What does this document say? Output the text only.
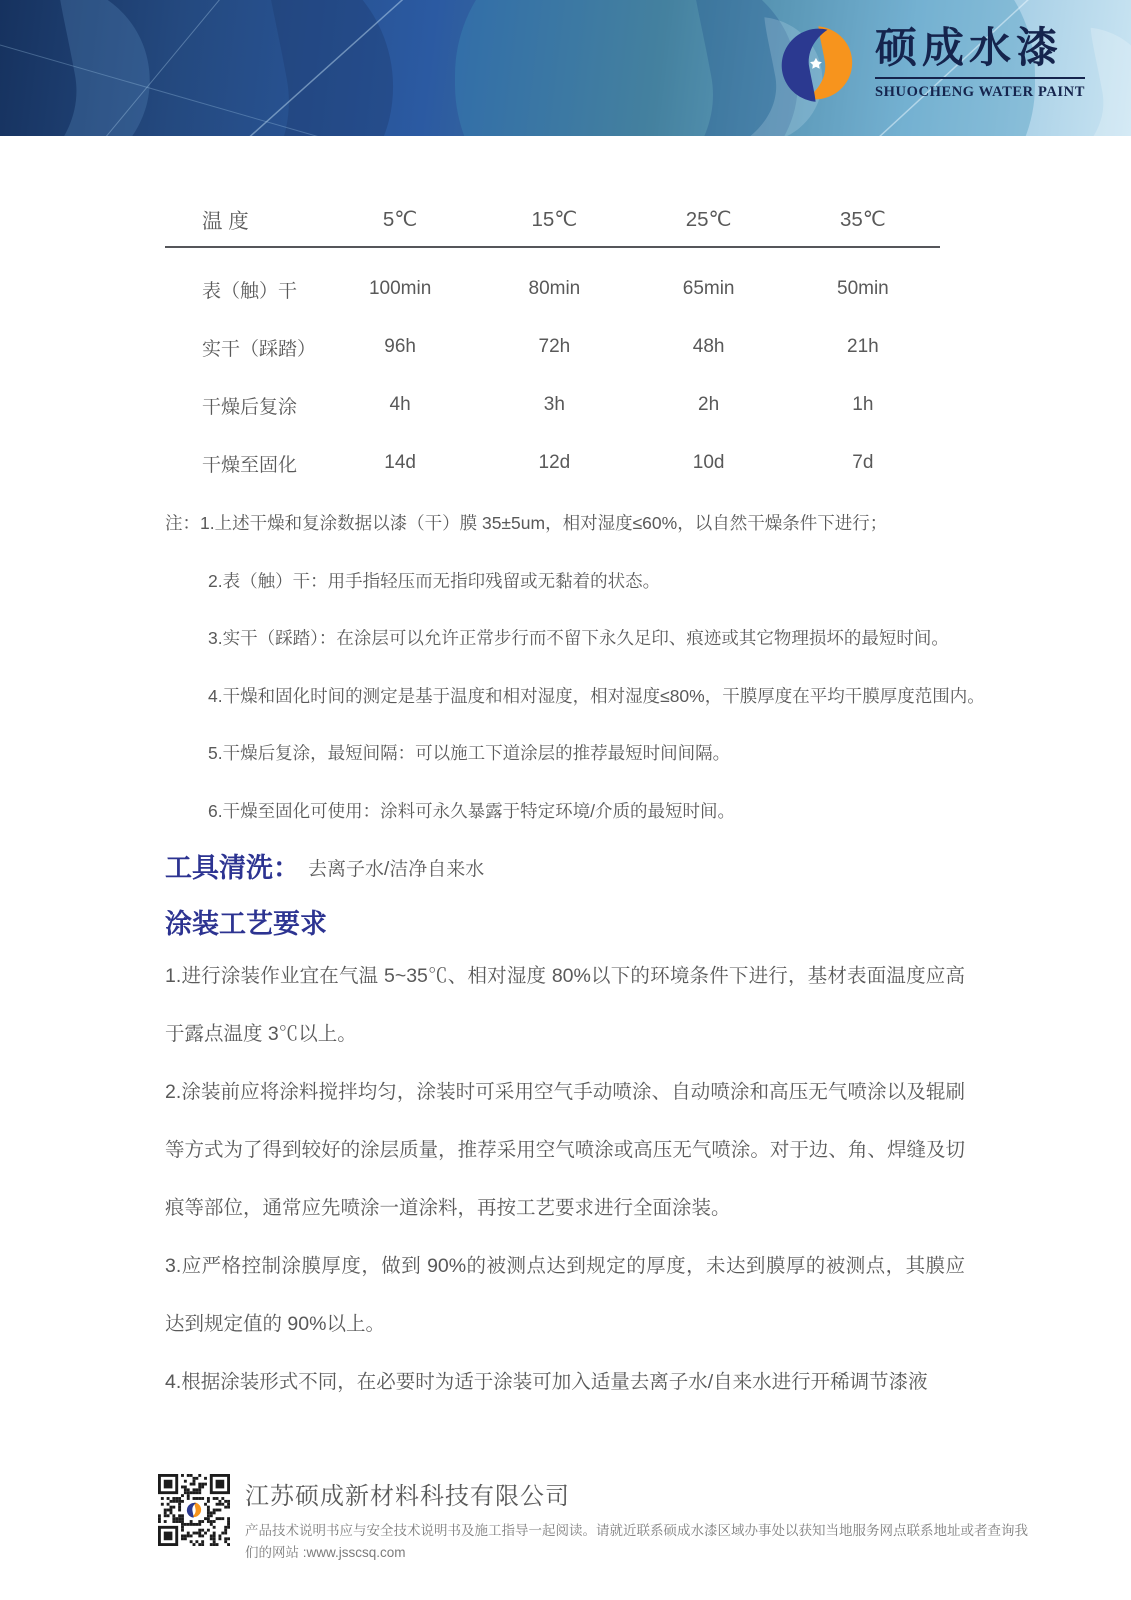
硕成水漆
SHUOCHENG WATER PAINT
温 度	5℃	15℃	25℃	35℃
表（触）干	100min	80min	65min	50min
实干（踩踏）	96h	72h	48h	21h
干燥后复涂	4h	3h	2h	1h
干燥至固化	14d	12d	10d	7d
注： 1.上述干燥和复涂数据以漆（干）膜 35±5um，相对湿度≤60%，以自然干燥条件下进行；
2.表（触）干：用手指轻压而无指印残留或无黏着的状态。
3.实干（踩踏）：在涂层可以允许正常步行而不留下永久足印、痕迹或其它物理损坏的最短时间。
4.干燥和固化时间的测定是基于温度和相对湿度，相对湿度≤80%，干膜厚度在平均干膜厚度范围内。
5.干燥后复涂，最短间隔：可以施工下道涂层的推荐最短时间间隔。
6.干燥至固化可使用：涂料可永久暴露于特定环境/介质的最短时间。
工具清洗： 去离子水/洁净自来水
涂装工艺要求

1.进行涂装作业宜在气温 5~35℃、相对湿度 80%以下的环境条件下进行，基材表面温度应高于露点温度 3℃以上。

2.涂装前应将涂料搅拌均匀，涂装时可采用空气手动喷涂、自动喷涂和高压无气喷涂以及辊刷等方式为了得到较好的涂层质量，推荐采用空气喷涂或高压无气喷涂。对于边、角、焊缝及切痕等部位，通常应先喷涂一道涂料，再按工艺要求进行全面涂装。

3.应严格控制涂膜厚度，做到 90%的被测点达到规定的厚度，未达到膜厚的被测点，其膜应达到规定值的 90%以上。

4.根据涂装形式不同，在必要时为适于涂装可加入适量去离子水/自来水进行开稀调节漆液

江苏硕成新材料科技有限公司
产品技术说明书应与安全技术说明书及施工指导一起阅读。请就近联系硕成水漆区域办事处以获知当地服务网点联系地址或者查询我们的网站 :www.jsscsq.com
